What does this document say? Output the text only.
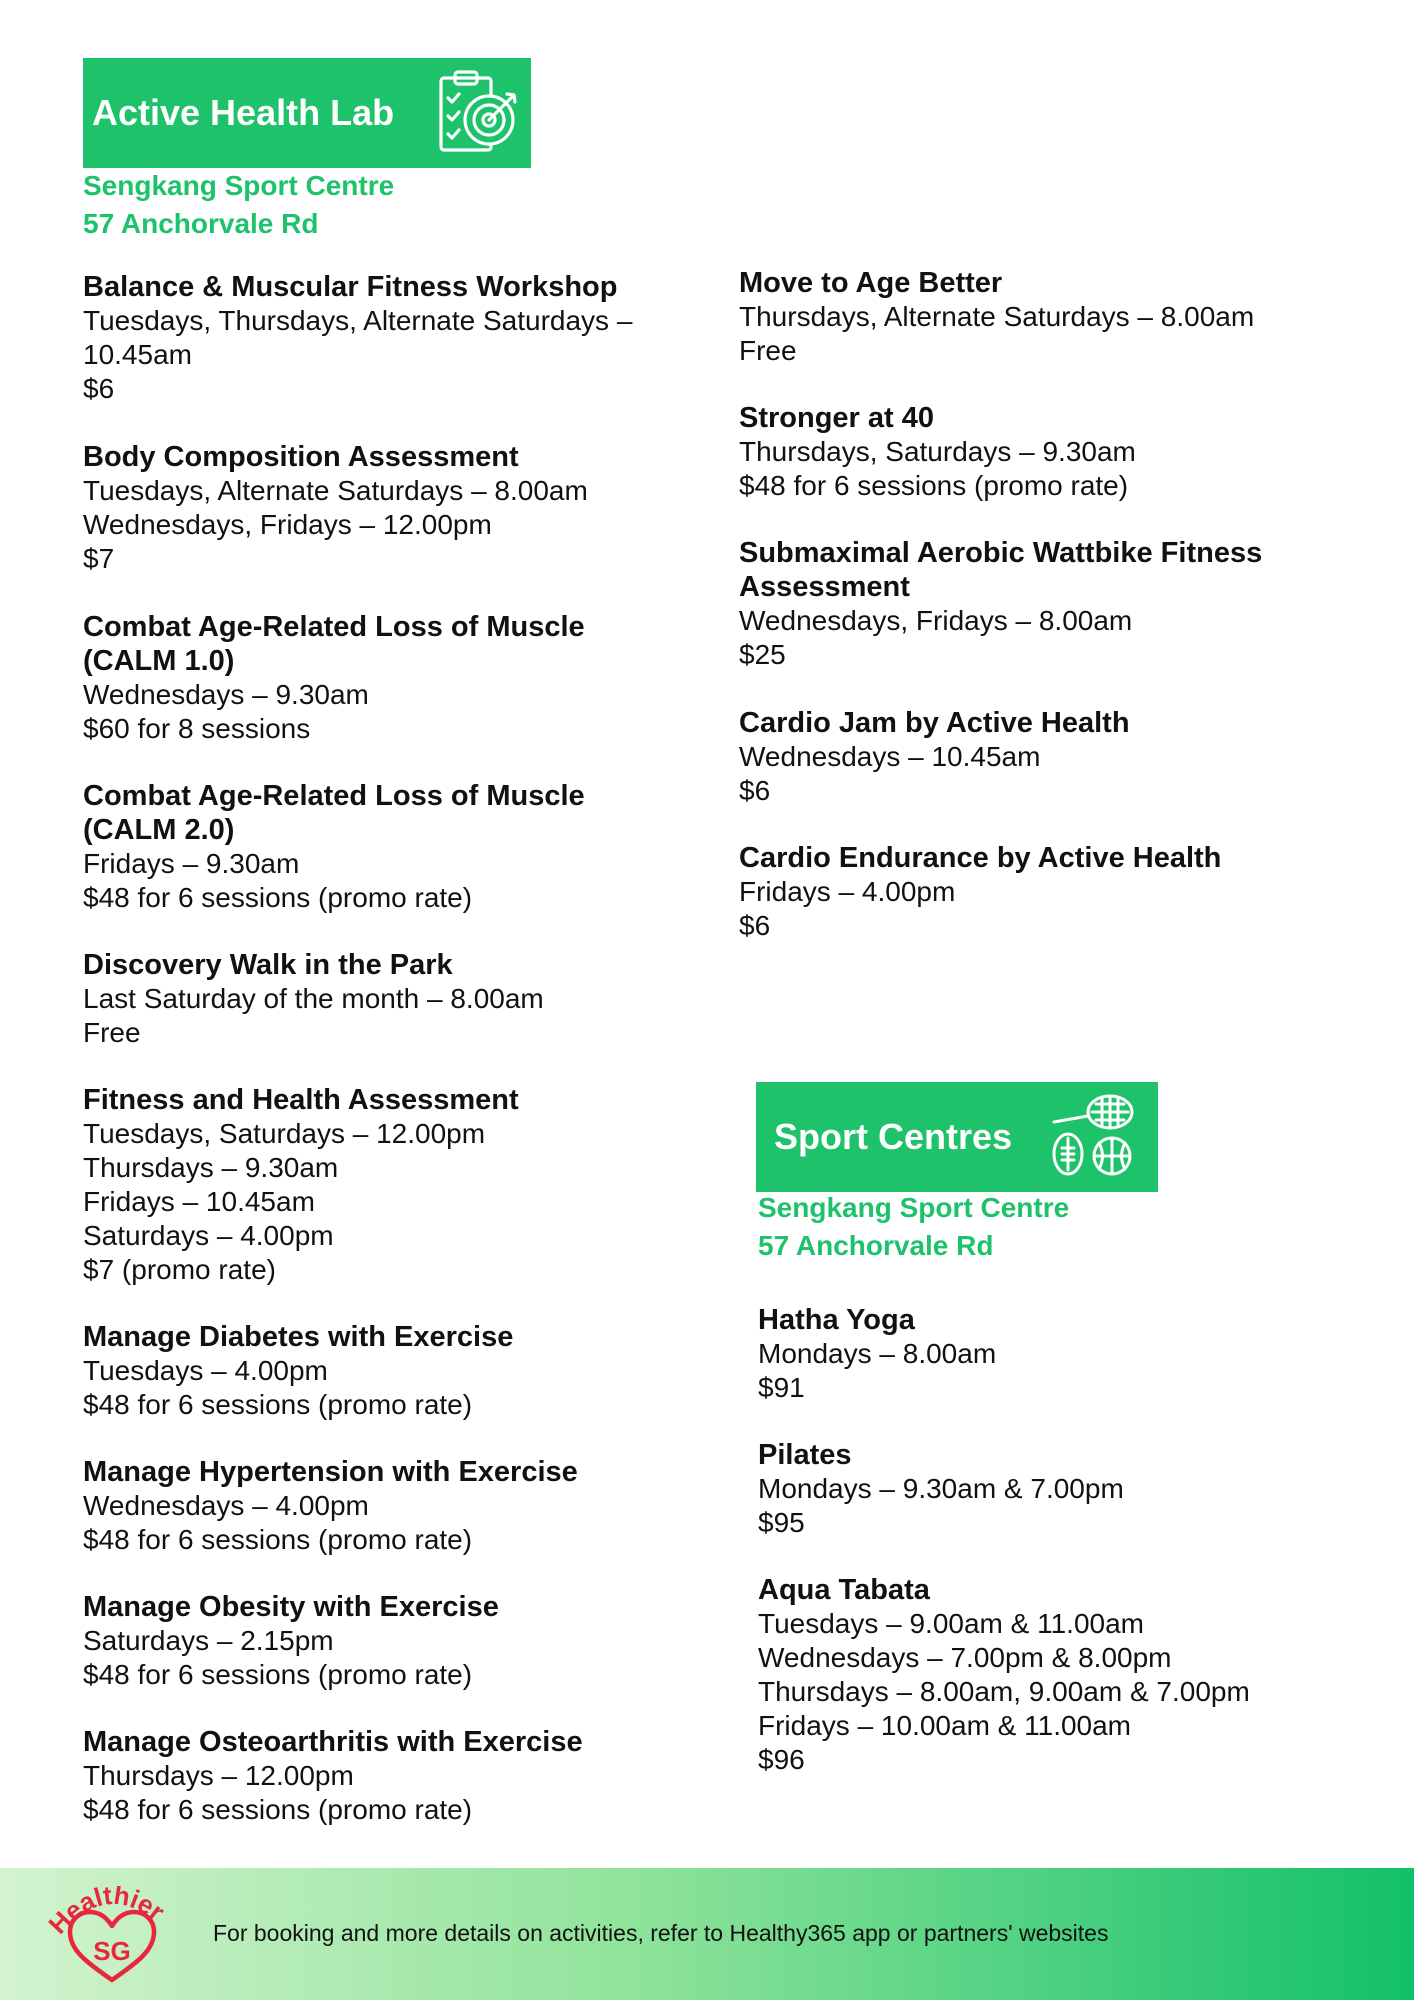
Active Health Lab
Sengkang Sport Centre
57 Anchorvale Rd
Balance & Muscular Fitness Workshop
Tuesdays, Thursdays, Alternate Saturdays –
10.45am
$6
Body Composition Assessment
Tuesdays, Alternate Saturdays – 8.00am
Wednesdays, Fridays – 12.00pm
$7
Combat Age-Related Loss of Muscle
(CALM 1.0)
Wednesdays – 9.30am
$60 for 8 sessions
Combat Age-Related Loss of Muscle
(CALM 2.0)
Fridays – 9.30am
$48 for 6 sessions (promo rate)
Discovery Walk in the Park
Last Saturday of the month – 8.00am
Free
Fitness and Health Assessment
Tuesdays, Saturdays – 12.00pm
Thursdays – 9.30am
Fridays – 10.45am
Saturdays – 4.00pm
$7 (promo rate)
Manage Diabetes with Exercise
Tuesdays – 4.00pm
$48 for 6 sessions (promo rate)
Manage Hypertension with Exercise
Wednesdays – 4.00pm
$48 for 6 sessions (promo rate)
Manage Obesity with Exercise
Saturdays – 2.15pm
$48 for 6 sessions (promo rate)
Manage Osteoarthritis with Exercise
Thursdays – 12.00pm
$48 for 6 sessions (promo rate)
Move to Age Better
Thursdays, Alternate Saturdays – 8.00am
Free
Stronger at 40
Thursdays, Saturdays – 9.30am
$48 for 6 sessions (promo rate)
Submaximal Aerobic Wattbike Fitness
Assessment
Wednesdays, Fridays – 8.00am
$25
Cardio Jam by Active Health
Wednesdays – 10.45am
$6
Cardio Endurance by Active Health
Fridays – 4.00pm
$6
Sport Centres
Sengkang Sport Centre
57 Anchorvale Rd
Hatha Yoga
Mondays – 8.00am
$91
Pilates
Mondays – 9.30am & 7.00pm
$95
Aqua Tabata
Tuesdays – 9.00am & 11.00am
Wednesdays – 7.00pm & 8.00pm
Thursdays – 8.00am, 9.00am & 7.00pm
Fridays – 10.00am & 11.00am
$96
ealthier
SG
For booking and more details on activities, refer to Healthy365 app or partners' websites
